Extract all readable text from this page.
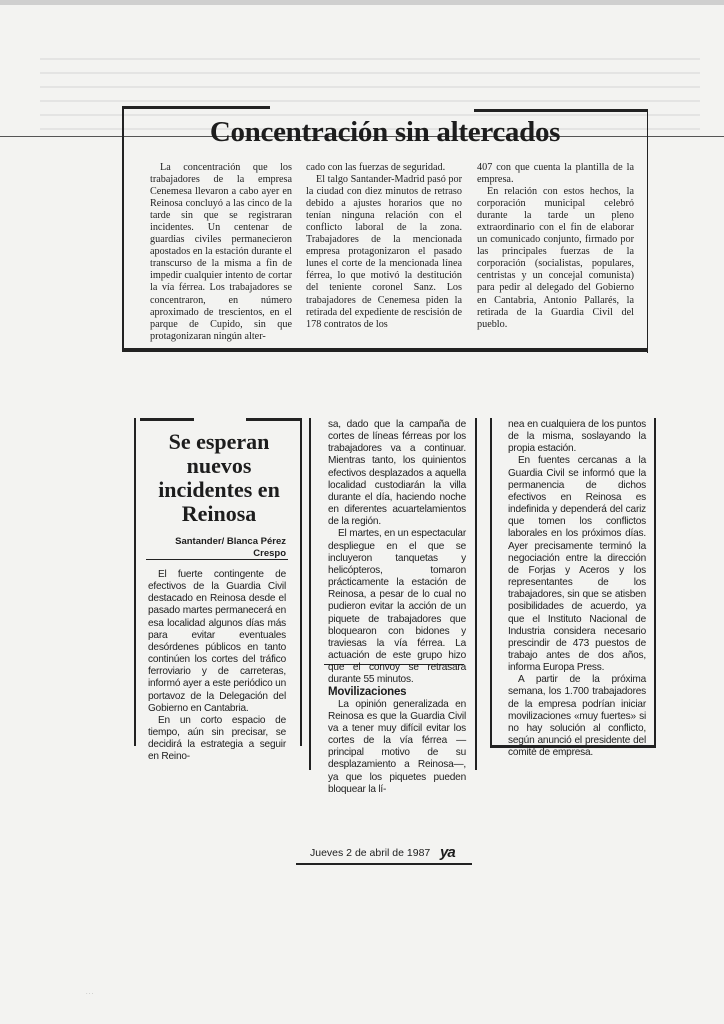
Concentración sin altercados

La concentración que los trabajadores de la empresa Cenemesa llevaron a cabo ayer en Reinosa concluyó a las cinco de la tarde sin que se registraran incidentes. Un centenar de guardias civiles permanecieron apostados en la estación durante el transcurso de la misma a fin de impedir cualquier intento de cortar la vía férrea. Los trabajadores se concentraron, en número aproximado de trescientos, en el parque de Cupido, sin que protagonizaran ningún alter-

cado con las fuerzas de seguridad.

El talgo Santander-Madrid pasó por la ciudad con diez minutos de retraso debido a ajustes horarios que no tenían ninguna relación con el conflicto laboral de la zona. Trabajadores de la mencionada empresa protagonizaron el pasado lunes el corte de la mencionada línea férrea, lo que motivó la destitución del teniente coronel Sanz. Los trabajadores de Cenemesa piden la retirada del expediente de rescisión de 178 contratos de los

407 con que cuenta la plantilla de la empresa.

En relación con estos hechos, la corporación municipal celebró durante la tarde un pleno extraordinario con el fin de elaborar un comunicado conjunto, firmado por las principales fuerzas de la corporación (socialistas, populares, centristas y un concejal comunista) para pedir al delegado del Gobierno en Cantabria, Antonio Pallarés, la retirada de la Guardia Civil del pueblo.

Se esperan nuevos incidentes en Reinosa
Santander/ Blanca Pérez Crespo

El fuerte contingente de efectivos de la Guardia Civil destacado en Reinosa desde el pasado martes permanecerá en esa localidad algunos días más para evitar eventuales desórdenes públicos en tanto continúen los cortes del tráfico ferroviario y de carreteras, informó ayer a este periódico un portavoz de la Delegación del Gobierno en Cantabria.

En un corto espacio de tiempo, aún sin precisar, se decidirá la estrategia a seguir en Reino-

sa, dado que la campaña de cortes de líneas férreas por los trabajadores va a continuar. Mientras tanto, los quinientos efectivos desplazados a aquella localidad custodiarán la villa durante el día, haciendo noche en diferentes acuartelamientos de la región.

El martes, en un espectacular despliegue en el que se incluyeron tanquetas y helicópteros, tomaron prácticamente la estación de Reinosa, a pesar de lo cual no pudieron evitar la acción de un piquete de trabajadores que bloquearon con bidones y traviesas la vía férrea. La actuación de este grupo hizo que el convoy se retrasara durante 55 minutos.

Movilizaciones

La opinión generalizada en Reinosa es que la Guardia Civil va a tener muy difícil evitar los cortes de la vía férrea —principal motivo de su desplazamiento a Reinosa—, ya que los piquetes pueden bloquear la lí-

nea en cualquiera de los puntos de la misma, soslayando la propia estación.

En fuentes cercanas a la Guardia Civil se informó que la permanencia de dichos efectivos en Reinosa es indefinida y dependerá del cariz que tomen los conflictos laborales en los próximos días. Ayer precisamente terminó la negociación entre la dirección de Forjas y Aceros y los representantes de los trabajadores, sin que se atisben posibilidades de acuerdo, ya que el Instituto Nacional de Industria considera necesario prescindir de 473 puestos de trabajo antes de dos años, informa Europa Press.

A partir de la próxima semana, los 1.700 trabajadores de la empresa podrían iniciar movilizaciones «muy fuertes» si no hay solución al conflicto, según anunció el presidente del comité de empresa.

Jueves 2 de abril de 1987 ya
· · ·
